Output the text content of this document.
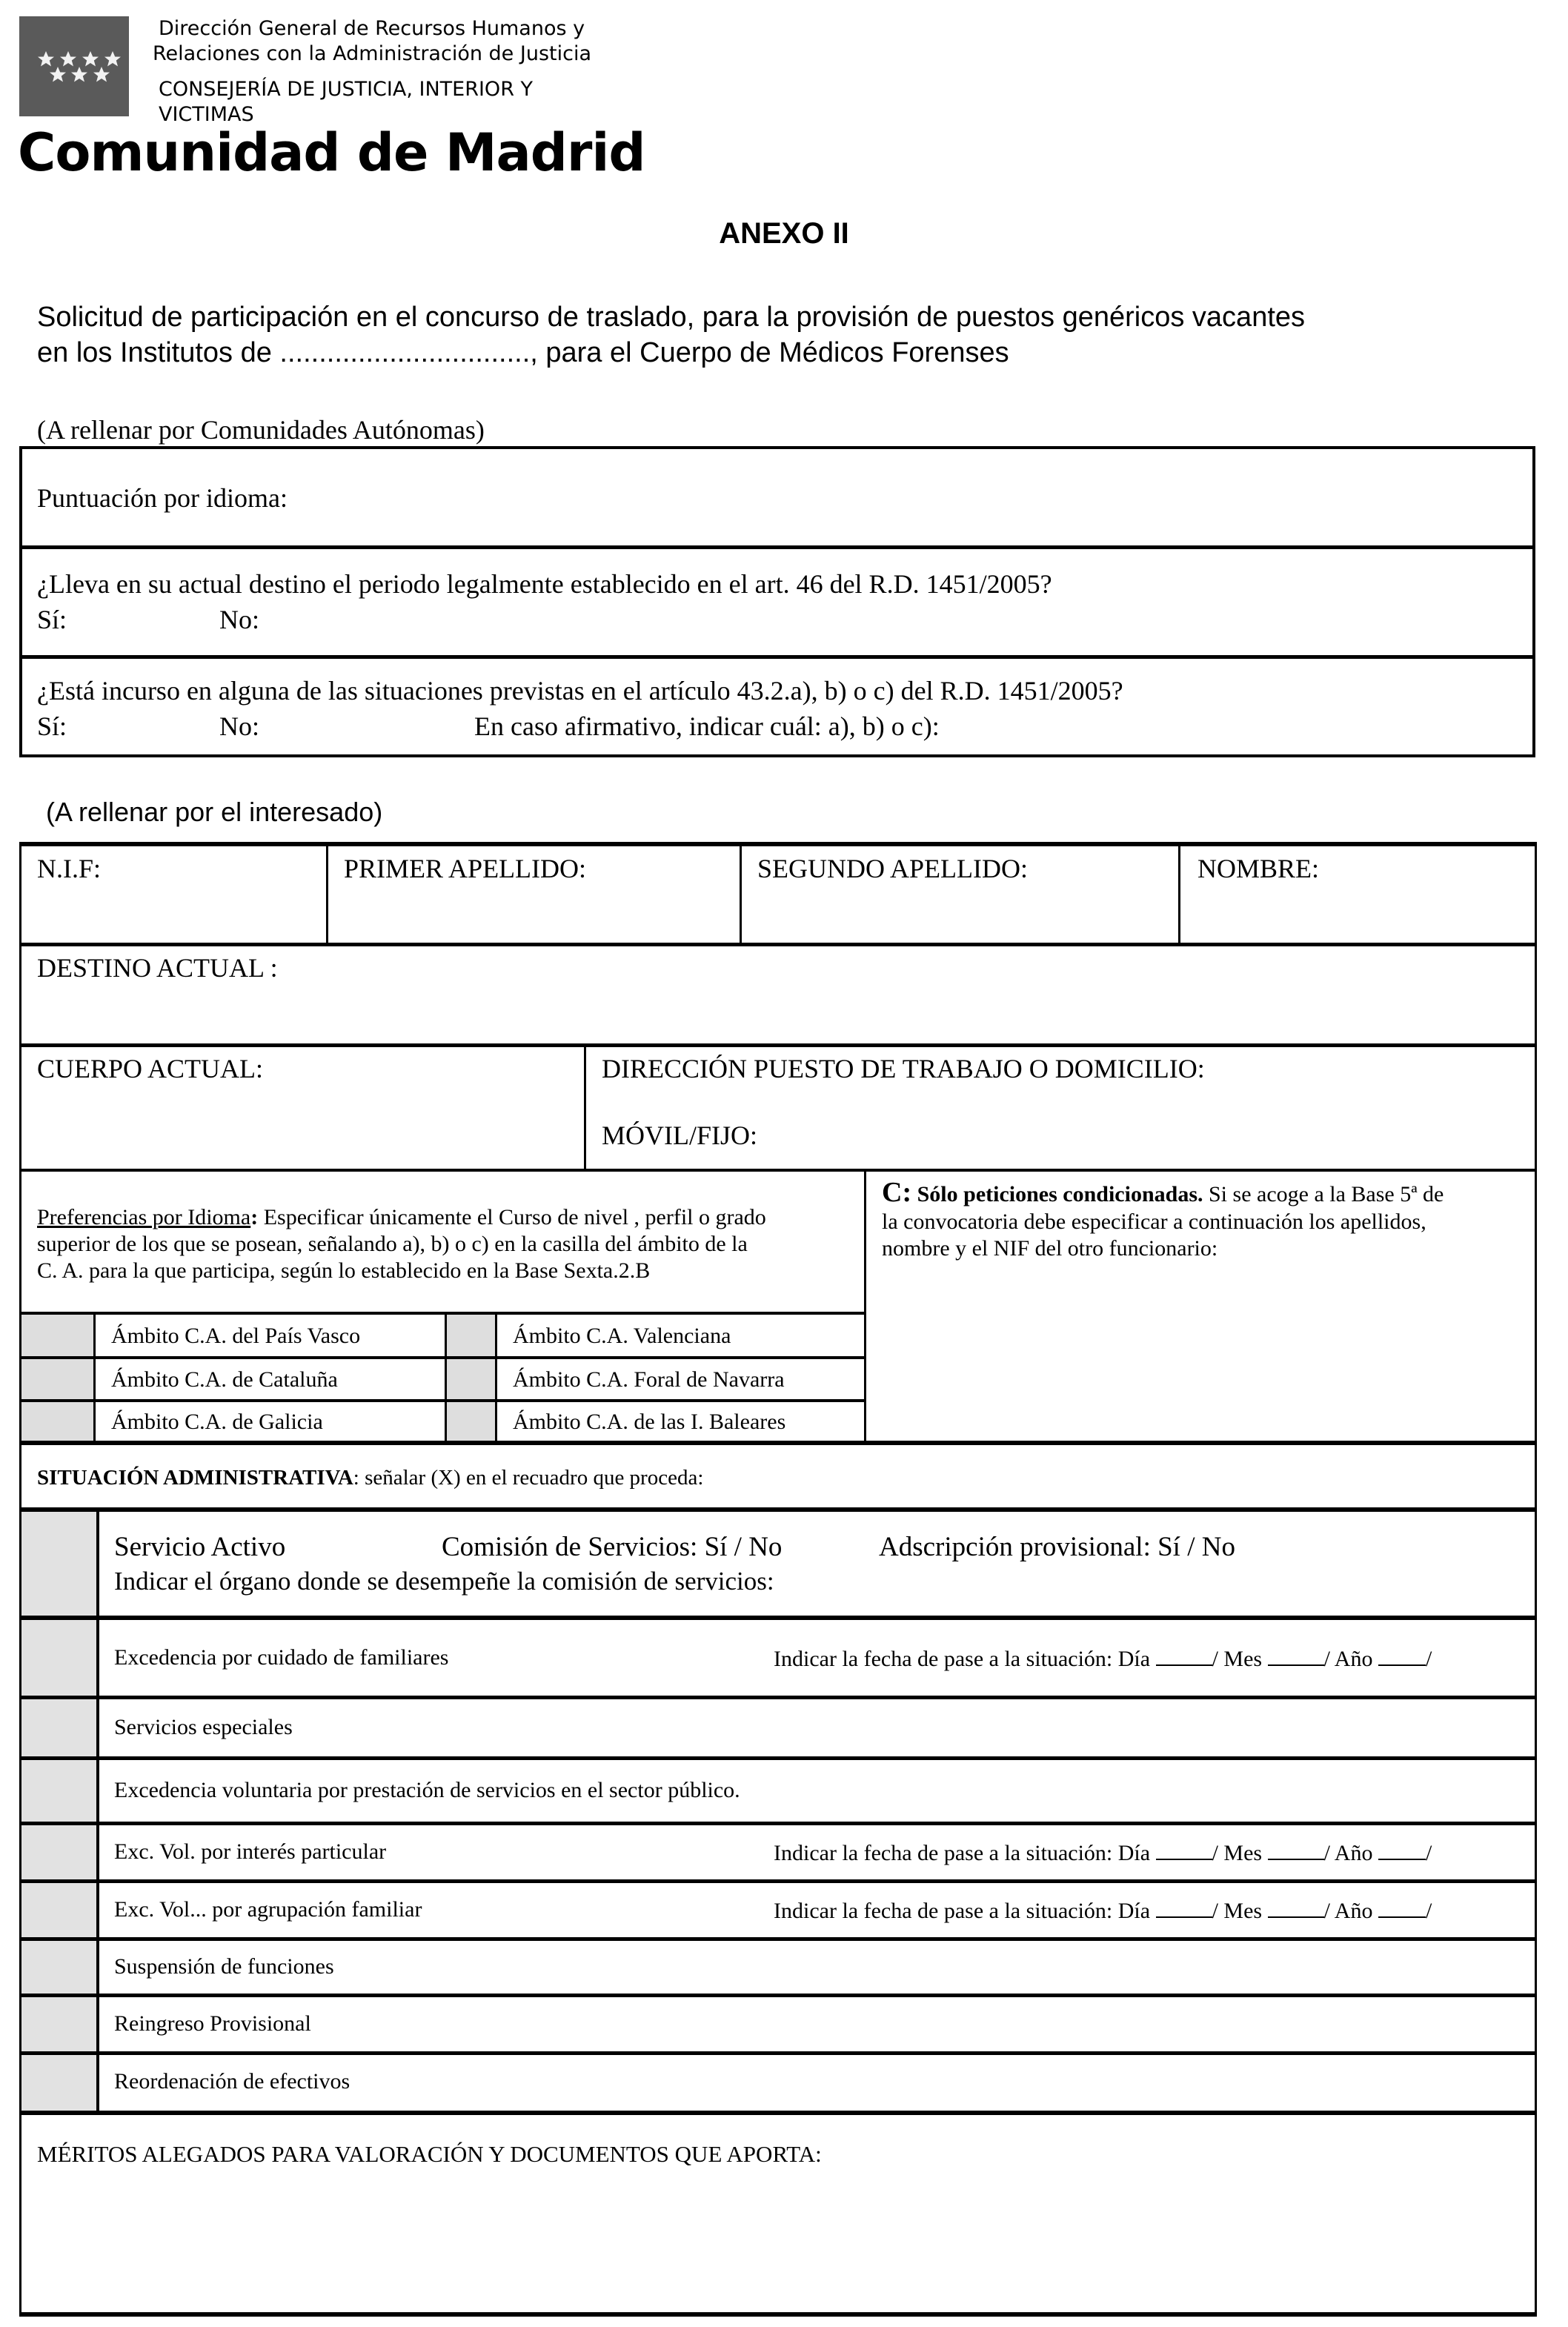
Dirección General de Recursos Humanos y
Relaciones con la Administración de Justicia
CONSEJERÍA DE JUSTICIA, INTERIOR Y
VICTIMAS
Comunidad de Madrid
ANEXO II
Solicitud de participación en el concurso de traslado, para la provisión de puestos genéricos vacantes
en los Institutos de ................................, para el Cuerpo de Médicos Forenses
(A rellenar por Comunidades Autónomas)
Puntuación por idioma:
¿Lleva en su actual destino el periodo legalmente establecido en el art. 46 del R.D. 1451/2005?
Sí:	No:
¿Está incurso en alguna de las situaciones previstas en el artículo 43.2.a), b) o c) del R.D. 1451/2005?
Sí:	No:	En caso afirmativo, indicar cuál: a), b) o c):
(A rellenar por el interesado)
N.I.F:	PRIMER APELLIDO:	SEGUNDO APELLIDO:	NOMBRE:
DESTINO ACTUAL :
CUERPO ACTUAL:	DIRECCIÓN PUESTO DE TRABAJO O DOMICILIO:
MÓVIL/FIJO:
Preferencias por Idioma: Especificar únicamente el Curso de nivel , perfil o grado
superior de los que se posean, señalando a), b) o c) en la casilla del ámbito de la
C. A. para la que participa, según lo establecido en la Base Sexta.2.B
Ámbito C.A. del País Vasco	Ámbito C.A. Valenciana
Ámbito C.A. de Cataluña	Ámbito C.A. Foral de Navarra
Ámbito C.A. de Galicia	Ámbito C.A. de las I. Baleares
C: Sólo peticiones condicionadas. Si se acoge a la Base 5ª de
la convocatoria debe especificar a continuación los apellidos,
nombre y el NIF del otro funcionario:
SITUACIÓN ADMINISTRATIVA: señalar (X) en el recuadro que proceda:
Servicio Activo	Comisión de Servicios: Sí / No	Adscripción provisional: Sí / No
Indicar el órgano donde se desempeñe la comisión de servicios:
Excedencia por cuidado de familiares	Indicar la fecha de pase a la situación: Día	/ Mes	/ Año /
Servicios especiales
Excedencia voluntaria por prestación de servicios en el sector público.
Exc. Vol. por interés particular	Indicar la fecha de pase a la situación: Día	/ Mes	/ Año /
Exc. Vol... por agrupación familiar	Indicar la fecha de pase a la situación: Día	/ Mes	/ Año /
Suspensión de funciones
Reingreso Provisional
Reordenación de efectivos
MÉRITOS ALEGADOS PARA VALORACIÓN Y DOCUMENTOS QUE APORTA:
